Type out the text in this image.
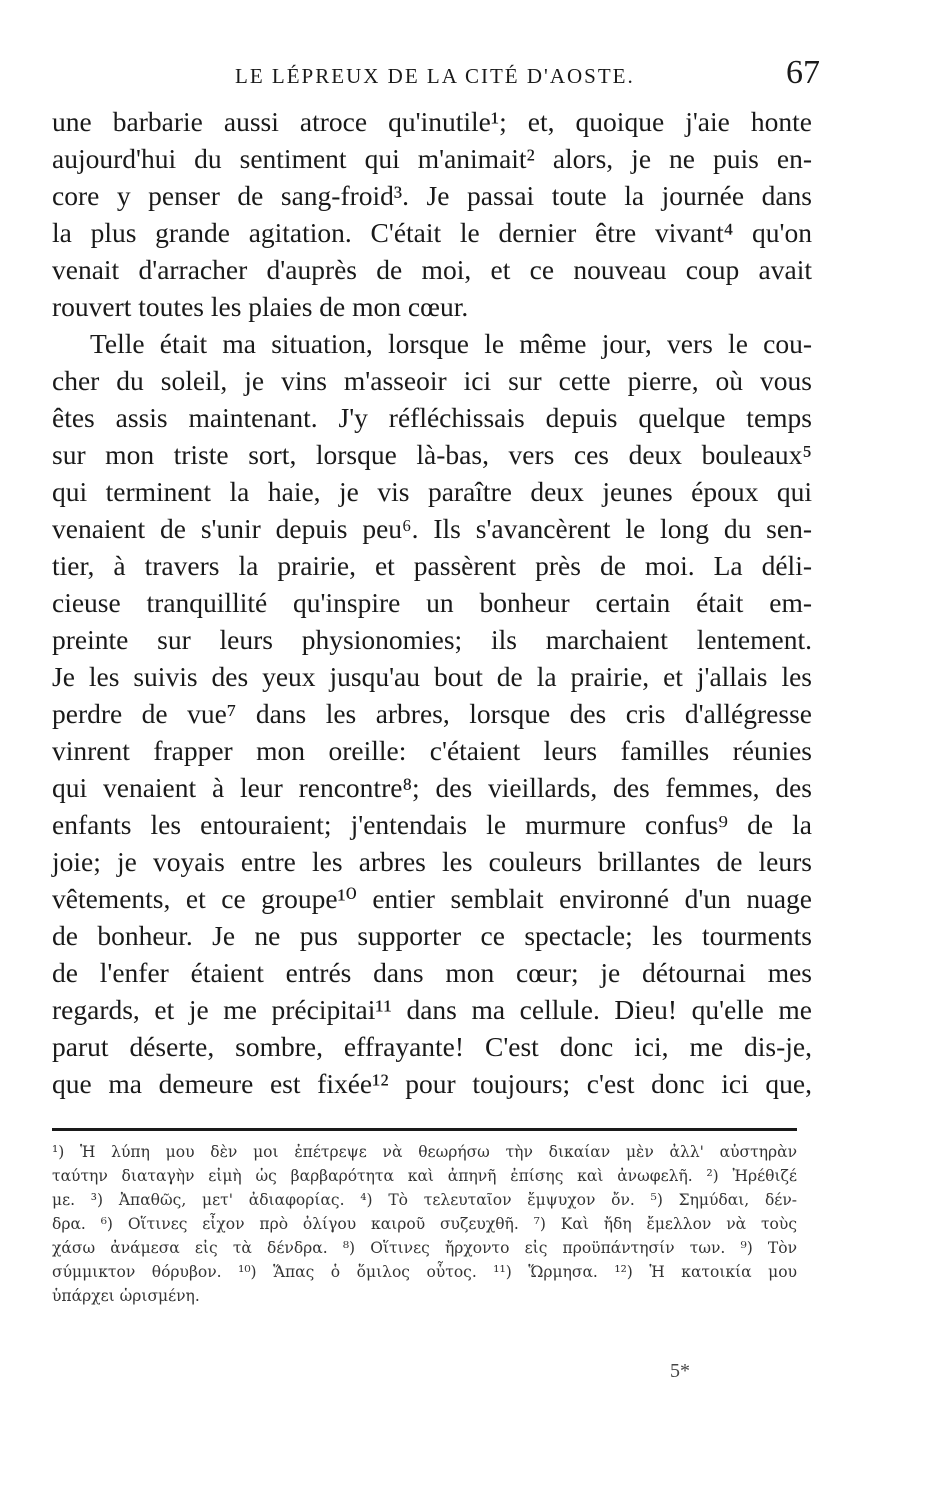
LE LÉPREUX DE LA CITÉ D'AOSTE.	67
une barbarie aussi atroce qu'inutile¹; et, quoique j'aie honte
aujourd'hui du sentiment qui m'animait² alors, je ne puis en-
core y penser de sang-froid³. Je passai toute la journée dans
la plus grande agitation. C'était le dernier être vivant⁴ qu'on
venait d'arracher d'auprès de moi, et ce nouveau coup avait
rouvert toutes les plaies de mon cœur.
Telle était ma situation, lorsque le même jour, vers le cou-
cher du soleil, je vins m'asseoir ici sur cette pierre, où vous
êtes assis maintenant. J'y réfléchissais depuis quelque temps
sur mon triste sort, lorsque là-bas, vers ces deux bouleaux⁵
qui terminent la haie, je vis paraître deux jeunes époux qui
venaient de s'unir depuis peu⁶. Ils s'avancèrent le long du sen-
tier, à travers la prairie, et passèrent près de moi. La déli-
cieuse tranquillité qu'inspire un bonheur certain était em-
preinte sur leurs physionomies; ils marchaient lentement.
Je les suivis des yeux jusqu'au bout de la prairie, et j'allais les
perdre de vue⁷ dans les arbres, lorsque des cris d'allégresse
vinrent frapper mon oreille: c'étaient leurs familles réunies
qui venaient à leur rencontre⁸; des vieillards, des femmes, des
enfants les entouraient; j'entendais le murmure confus⁹ de la
joie; je voyais entre les arbres les couleurs brillantes de leurs
vêtements, et ce groupe¹⁰ entier semblait environné d'un nuage
de bonheur. Je ne pus supporter ce spectacle; les tourments
de l'enfer étaient entrés dans mon cœur; je détournai mes
regards, et je me précipitai¹¹ dans ma cellule. Dieu! qu'elle me
parut déserte, sombre, effrayante! C'est donc ici, me dis-je,
que ma demeure est fixée¹² pour toujours; c'est donc ici que,
¹) Ἡ λύπη μου δὲν μοι ἐπέτρεψε νὰ θεωρήσω τὴν δικαίαν μὲν ἀλλ' αὐστηρὰν
ταύτην διαταγὴν εἰμὴ ὡς βαρβαρότητα καὶ ἀπηνῆ ἐπίσης καὶ ἀνωφελῆ. ²) Ἠρέθιζέ
με. ³) Ἀπαθῶς, μετ' ἀδιαφορίας. ⁴) Τὸ τελευταῖον ἔμψυχον ὄν. ⁵) Σημύδαι, δέν-
δρα. ⁶) Οἵτινες εἶχον πρὸ ὀλίγου καιροῦ συζευχθῆ. ⁷) Καὶ ἤδη ἔμελλον νὰ τοὺς
χάσω ἀνάμεσα εἰς τὰ δένδρα. ⁸) Οἵτινες ἤρχοντο εἰς προϋπάντησίν των. ⁹) Τὸν
σύμμικτον θόρυβον. ¹⁰) Ἅπας ὁ ὅμιλος οὗτος. ¹¹) Ὥρμησα. ¹²) Ἡ κατοικία μου
ὑπάρχει ὡρισμένη.
5*
